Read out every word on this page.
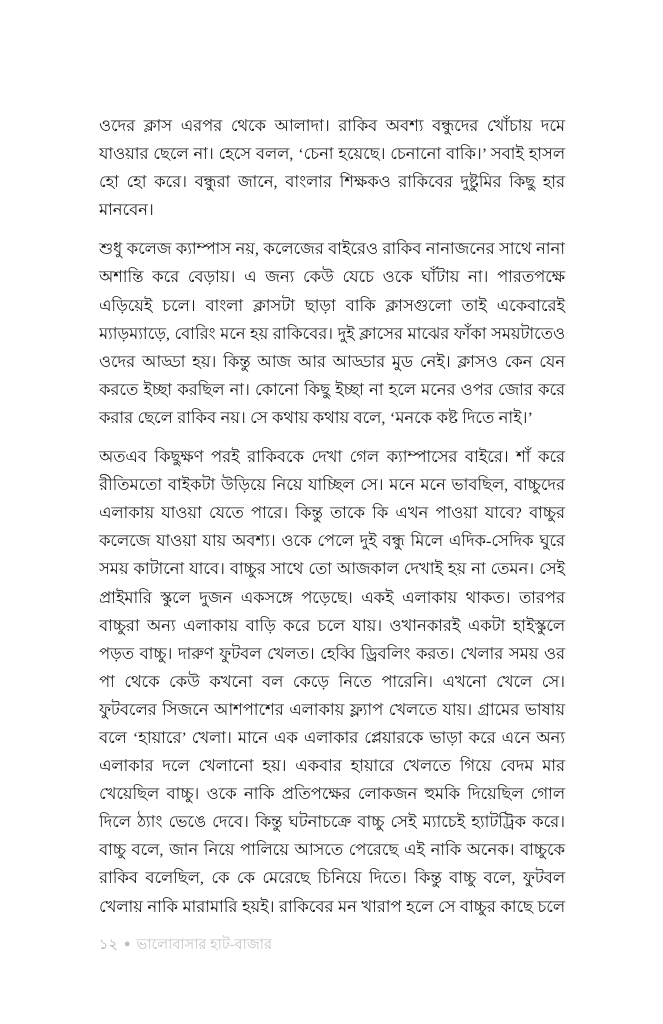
ওদের ক্লাস এরপর থেকে আলাদা। রাকিব অবশ্য বন্ধুদের খোঁচায় দমে যাওয়ার ছেলে না। হেসে বলল, ‘চেনা হয়েছে। চেনানো বাকি।’ সবাই হাসল হো হো করে। বন্ধুরা জানে, বাংলার শিক্ষকও রাকিবের দুষ্টুমির কিছু হার মানবেন।

শুধু কলেজ ক্যাম্পাস নয়, কলেজের বাইরেও রাকিব নানাজনের সাথে নানা অশান্তি করে বেড়ায়। এ জন্য কেউ যেচে ওকে ঘাঁটায় না। পারতপক্ষে এড়িয়েই চলে। বাংলা ক্লাসটা ছাড়া বাকি ক্লাসগুলো তাই একেবারেই ম্যাড়ম্যাড়ে, বোরিং মনে হয় রাকিবের। দুই ক্লাসের মাঝের ফাঁকা সময়টাতেও ওদের আড্ডা হয়। কিন্তু আজ আর আড্ডার মুড নেই। ক্লাসও কেন যেন করতে ইচ্ছা করছিল না। কোনো কিছু ইচ্ছা না হলে মনের ওপর জোর করে করার ছেলে রাকিব নয়। সে কথায় কথায় বলে, ‘মনকে কষ্ট দিতে নাই।’

অতএব কিছুক্ষণ পরই রাকিবকে দেখা গেল ক্যাম্পাসের বাইরে। শাঁ করে রীতিমতো বাইকটা উড়িয়ে নিয়ে যাচ্ছিল সে। মনে মনে ভাবছিল, বাচ্চুদের এলাকায় যাওয়া যেতে পারে। কিন্তু তাকে কি এখন পাওয়া যাবে? বাচ্চুর কলেজে যাওয়া যায় অবশ্য। ওকে পেলে দুই বন্ধু মিলে এদিক-সেদিক ঘুরে সময় কাটানো যাবে। বাচ্চুর সাথে তো আজকাল দেখাই হয় না তেমন। সেই প্রাইমারি স্কুলে দুজন একসঙ্গে পড়েছে। একই এলাকায় থাকত। তারপর বাচ্চুরা অন্য এলাকায় বাড়ি করে চলে যায়। ওখানকারই একটা হাইস্কুলে পড়ত বাচ্চু। দারুণ ফুটবল খেলত। হেব্বি ড্রিবলিং করত। খেলার সময় ওর পা থেকে কেউ কখনো বল কেড়ে নিতে পারেনি। এখনো খেলে সে। ফুটবলের সিজনে আশপাশের এলাকায় ফ্ল্যাপ খেলতে যায়। গ্রামের ভাষায় বলে ‘হায়ারে’ খেলা। মানে এক এলাকার প্লেয়ারকে ভাড়া করে এনে অন্য এলাকার দলে খেলানো হয়। একবার হায়ারে খেলতে গিয়ে বেদম মার খেয়েছিল বাচ্চু। ওকে নাকি প্রতিপক্ষের লোকজন হুমকি দিয়েছিল গোল দিলে ঠ্যাং ভেঙে দেবে। কিন্তু ঘটনাচক্রে বাচ্চু সেই ম্যাচেই হ্যাটট্রিক করে। বাচ্চু বলে, জান নিয়ে পালিয়ে আসতে পেরেছে এই নাকি অনেক। বাচ্চুকে রাকিব বলেছিল, কে কে মেরেছে চিনিয়ে দিতে। কিন্তু বাচ্চু বলে, ফুটবল খেলায় নাকি মারামারি হয়ই। রাকিবের মন খারাপ হলে সে বাচ্চুর কাছে চলে

১২ ● ভালোবাসার হাট-বাজার
